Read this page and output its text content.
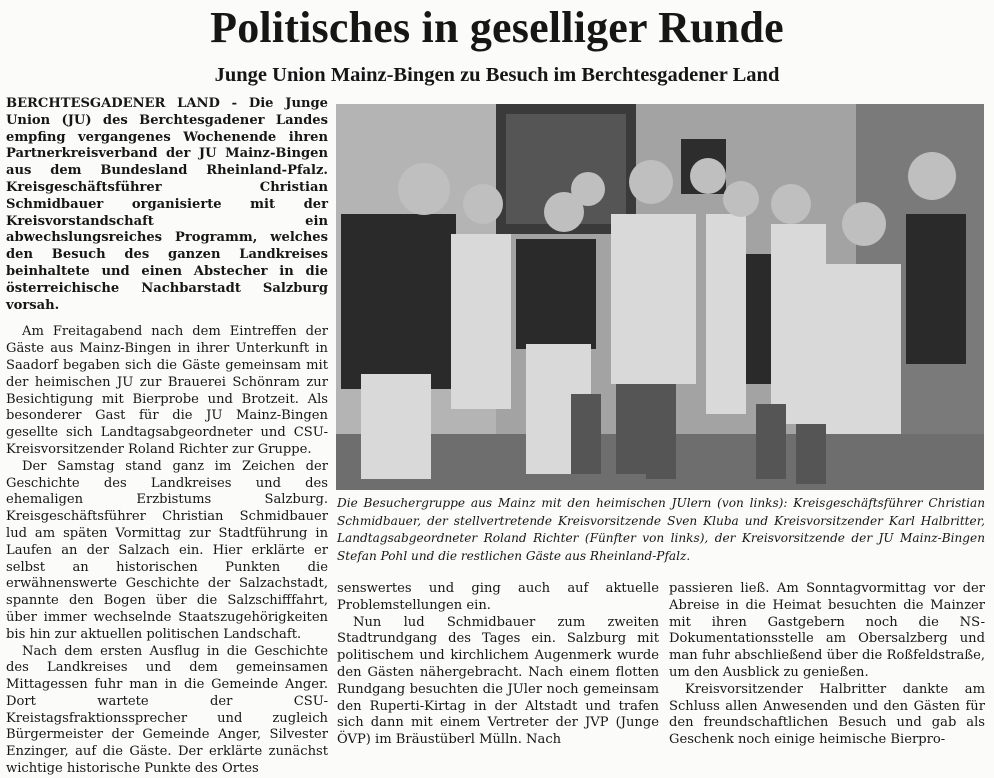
Politisches in geselliger Runde
Junge Union Mainz-Bingen zu Besuch im Berchtesgadener Land

BERCHTESGADENER LAND - Die Junge Union (JU) des Berchtesgadener Landes empfing vergangenes Wochenende ihren Partnerkreisverband der JU Mainz-Bingen aus dem Bundesland Rheinland-Pfalz. Kreisgeschäftsführer Christian Schmidbauer organisierte mit der Kreisvorstandschaft ein abwechslungsreiches Programm, welches den Besuch des ganzen Landkreises beinhaltete und einen Abstecher in die österreichische Nachbarstadt Salzburg vorsah.

Am Freitagabend nach dem Eintreffen der Gäste aus Mainz-Bingen in ihrer Unterkunft in Saadorf begaben sich die Gäste gemeinsam mit der heimischen JU zur Brauerei Schönram zur Besichtigung mit Bierprobe und Brotzeit. Als besonderer Gast für die JU Mainz-Bingen gesellte sich Landtagsabgeordneter und CSU-Kreisvorsitzender Roland Richter zur Gruppe.

Der Samstag stand ganz im Zeichen der Geschichte des Landkreises und des ehemaligen Erzbistums Salzburg. Kreisgeschäftsführer Christian Schmidbauer lud am späten Vormittag zur Stadtführung in Laufen an der Salzach ein. Hier erklärte er selbst an historischen Punkten die erwähnenswerte Geschichte der Salzachstadt, spannte den Bogen über die Salzschifffahrt, über immer wechselnde Staatszugehörigkeiten bis hin zur aktuellen politischen Landschaft.

Nach dem ersten Ausflug in die Geschichte des Landkreises und dem gemeinsamen Mittagessen fuhr man in die Gemeinde Anger. Dort wartete der CSU-Kreistagsfraktionssprecher und zugleich Bürgermeister der Gemeinde Anger, Silvester Enzinger, auf die Gäste. Der erklärte zunächst wichtige historische Punkte des Ortes

Die Besuchergruppe aus Mainz mit den heimischen JUlern (von links): Kreisgeschäftsführer Christian Schmidbauer, der stellvertretende Kreisvorsitzende Sven Kluba und Kreisvorsitzender Karl Halbritter, Landtagsabgeordneter Roland Richter (Fünfter von links), der Kreisvorsitzende der JU Mainz-Bingen Stefan Pohl und die restlichen Gäste aus Rheinland-Pfalz.

senswertes und ging auch auf aktuelle Problemstellungen ein.

Nun lud Schmidbauer zum zweiten Stadtrundgang des Tages ein. Salzburg mit politischem und kirchlichem Augenmerk wurde den Gästen nähergebracht. Nach einem flotten Rundgang besuchten die JUler noch gemeinsam den Ruperti-Kirtag in der Altstadt und trafen sich dann mit einem Vertreter der JVP (Junge ÖVP) im Bräustüberl Mülln. Nach

passieren ließ. Am Sonntagvormittag vor der Abreise in die Heimat besuchten die Mainzer mit ihren Gastgebern noch die NS-Dokumentationsstelle am Obersalzberg und man fuhr abschließend über die Roßfeldstraße, um den Ausblick zu genießen.

Kreisvorsitzender Halbritter dankte am Schluss allen Anwesenden und den Gästen für den freundschaftlichen Besuch und gab als Geschenk noch einige heimische Bierpro-
